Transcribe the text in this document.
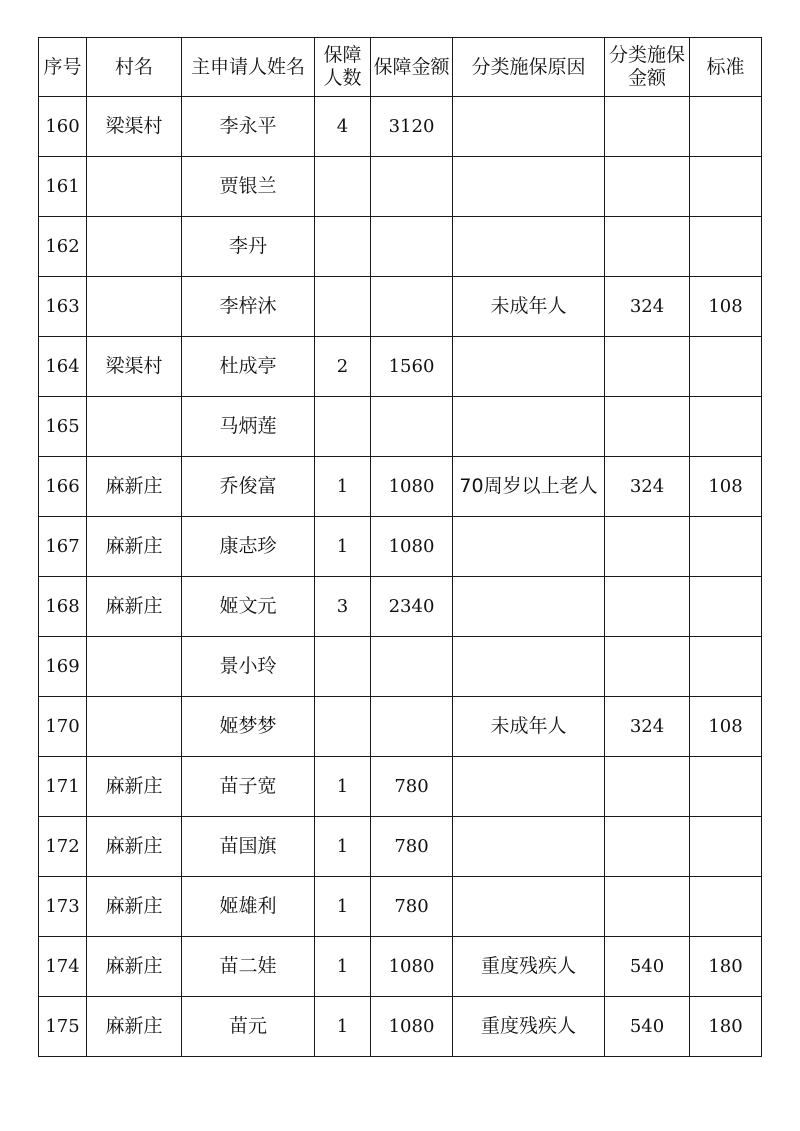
序号	村名	主申请人姓名	保障人数	保障金额	分类施保原因	分类施保金额	标准
160	梁渠村	李永平	4	3120			
161		贾银兰					
162		李丹					
163		李梓沐			未成年人	324	108
164	梁渠村	杜成亭	2	1560			
165		马炳莲					
166	麻新庄	乔俊富	1	1080	70周岁以上老人	324	108
167	麻新庄	康志珍	1	1080			
168	麻新庄	姬文元	3	2340			
169		景小玲					
170		姬梦梦			未成年人	324	108
171	麻新庄	苗子宽	1	780			
172	麻新庄	苗国旗	1	780			
173	麻新庄	姬雄利	1	780			
174	麻新庄	苗二娃	1	1080	重度残疾人	540	180
175	麻新庄	苗元	1	1080	重度残疾人	540	180
